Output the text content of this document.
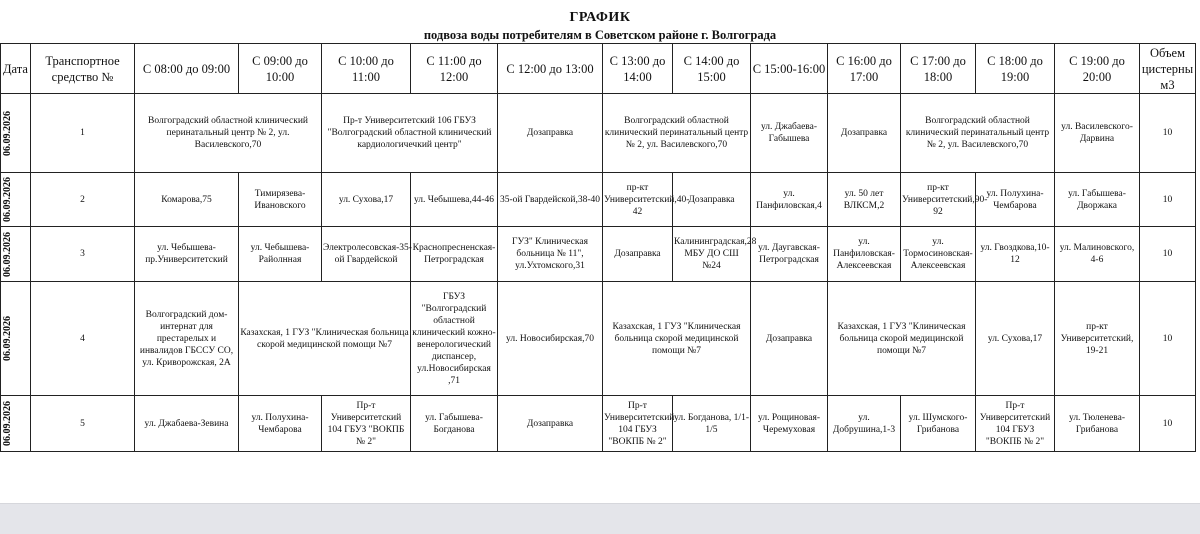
ГРАФИК
подвоза воды потребителям в Советском районе г. Волгограда
Дата	Транспортное средство №	С 08:00 до 09:00	С 09:00 до 10:00	С 10:00 до 11:00	С 11:00 до 12:00	С 12:00 до 13:00	С 13:00 до 14:00	С 14:00 до 15:00	С 15:00-16:00	С 16:00 до 17:00	С 17:00 до 18:00	С 18:00 до 19:00	С 19:00 до 20:00	Объем цистерны м3

06.09.2026	1	Волгоградский областной клинический перинатальный центр № 2, ул. Василевского,70		Пр-т Университетский 106 ГБУЗ "Волгоградский областной клинический кардиологичечкий центр"		Дозаправка	Волгоградский областной клинический перинатальный центр № 2, ул. Василевского,70		ул. Джабаева-Габышева	Дозаправка	Волгоградский областной клинический перинатальный центр № 2, ул. Василевского,70		ул. Василевского-Дарвина	10

06.09.2026	2	Комарова,75	Тимирязева-Ивановского	ул. Сухова,17	ул. Чебышева,44-46	35-ой Гвардейской,38-40	пр-кт Университетский,40-42	Дозаправка	ул. Панфиловская,4	ул. 50 лет ВЛКСМ,2	пр-кт Университетский,90-92	ул. Полухина-Чембарова	ул. Габышева-Дворжака	10

06.09.2026	3	ул. Чебышева-пр.Университетский	ул. Чебышева-Райолнная	Электролесовская-35-ой Гвардейской	Краснопресненская-Петроградская	ГУЗ" Клиническая больница № 11", ул.Ухтомского,31	Дозаправка	Калининградская,28 МБУ ДО СШ №24	ул. Даугавская-Петроградская	ул. Панфиловская-Алексеевская	ул. Тормосиновская-Алексеевская	ул. Гвоздкова,10-12	ул. Малиновского, 4-6	10

06.09.2026	4	Волгоградский дом-интернат для престарелых и инвалидов ГБССУ СО, ул. Криворожская, 2А	Казахская, 1 ГУЗ "Клиническая больница скорой медицинской помощи №7		ГБУЗ "Волгоградский областной клинический кожно-венерологический диспансер, ул.Новосибирская ,71	ул. Новосибирская,70	Казахская, 1 ГУЗ "Клиническая больница скорой медицинской помощи №7		Дозаправка	Казахская, 1 ГУЗ "Клиническая больница скорой медицинской помощи №7		ул. Сухова,17	пр-кт Университетский, 19-21	10

06.09.2026	5	ул. Джабаева-Зевина	ул. Полухина-Чембарова	Пр-т Университетский 104 ГБУЗ "ВОКПБ № 2"	ул. Габышева-Богданова	Дозаправка	Пр-т Университетский 104 ГБУЗ "ВОКПБ № 2"	ул. Богданова, 1/1-1/5	ул. Рощиновая-Черемуховая	ул. Добрушина,1-3	ул. Шумского-Грибанова	Пр-т Университетский 104 ГБУЗ "ВОКПБ № 2"	ул. Тюленева-Грибанова	10
